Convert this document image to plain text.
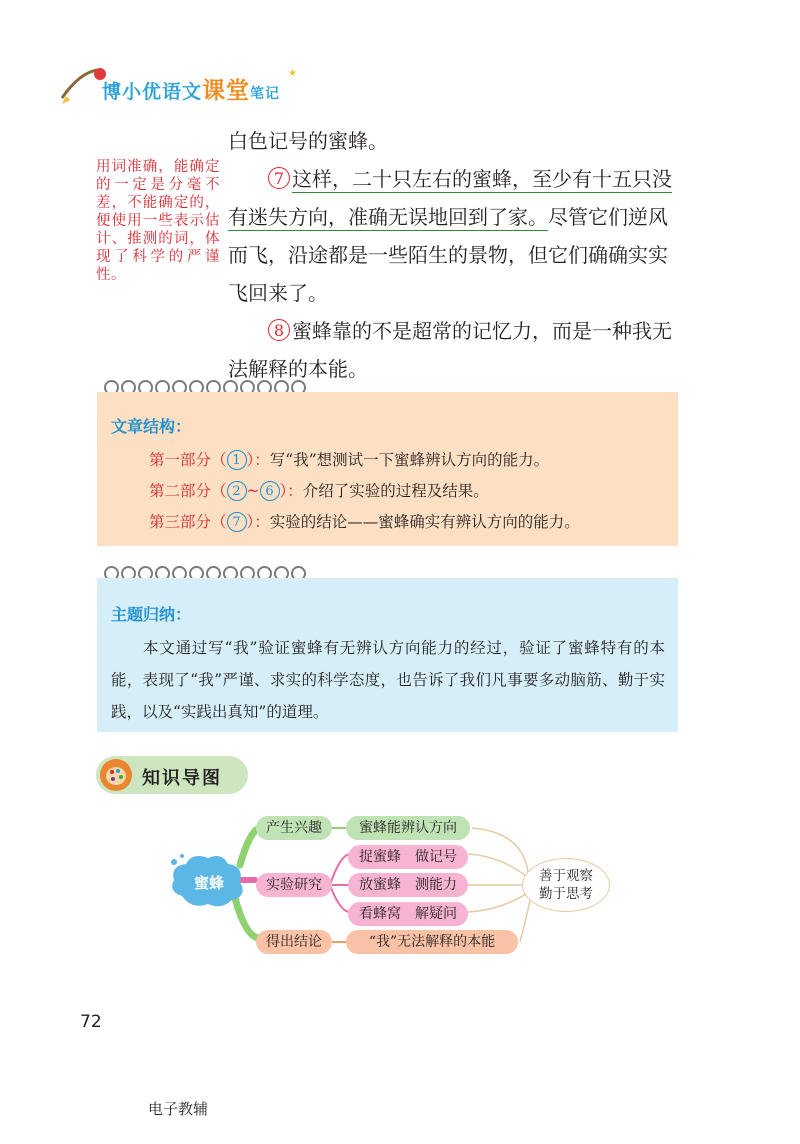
★
博小优语文课堂笔记
用词准确，能确定的一定是分毫不差，不能确定的，便使用一些表示估计、推测的词，体现了科学的严谨性。

白色记号的蜜蜂。

7 这样，二十只左右的蜜蜂，至少有十五只没有迷失方向，准确无误地回到了家。尽管它们逆风而飞，沿途都是一些陌生的景物，但它们确确实实飞回来了。

8 蜜蜂靠的不是超常的记忆力，而是一种我无法解释的本能。

文章结构：
第一部分（ 1 ）：写“我”想测试一下蜜蜂辨认方向的能力。
第二部分（ 2 ~ 6 ）：介绍了实验的过程及结果。
第三部分（ 7 ）：实验的结论——蜜蜂确实有辨认方向的能力。
主题归纳：
本文通过写“我”验证蜜蜂有无辨认方向能力的经过，验证了蜜蜂特有的本能，表现了“我”严谨、求实的科学态度，也告诉了我们凡事要多动脑筋、勤于实践，以及“实践出真知”的道理。
知识导图
蜜蜂
产生兴趣
实验研究
得出结论
蜜蜂能辨认方向
捉蜜蜂　做记号
放蜜蜂　测能力
看蜂窝　解疑问
“我”无法解释的本能
善于观察
勤于思考
72
电子教辅
